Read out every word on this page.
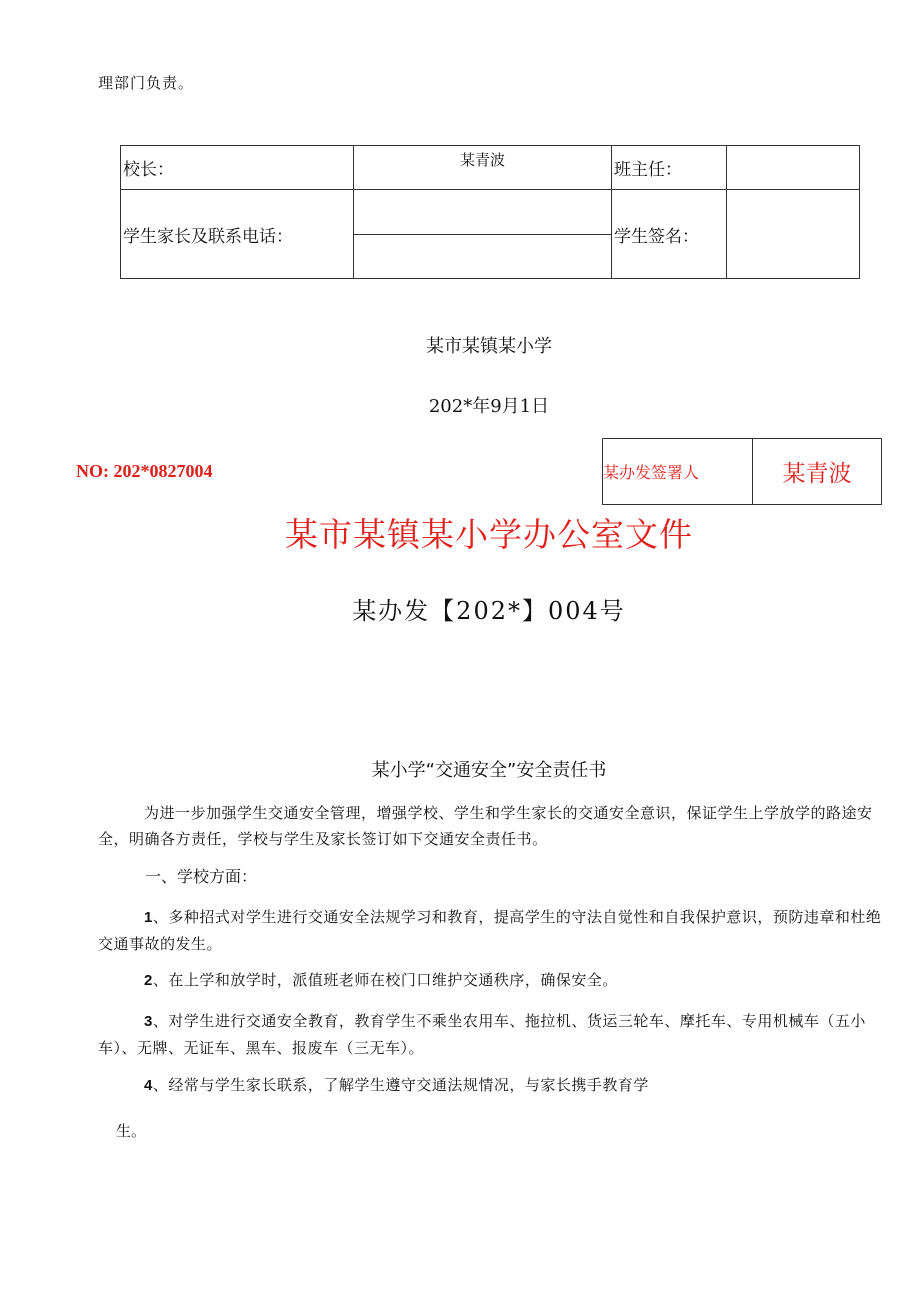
理部门负责。
校长：	某青波	班主任：	
学生家长及联系电话：		学生签名：	
某市某镇某小学
202*年9月1日
NO: 202*0827004	某办发签署人	某青波
某市某镇某小学办公室文件
某办发【202*】004号
某小学“交通安全”安全责任书
为进一步加强学生交通安全管理，增强学校、学生和学生家长的交通安全意识，保证学生上学放学的路途安全，明确各方责任，学校与学生及家长签订如下交通安全责任书。
一、学校方面：
1、多种招式对学生进行交通安全法规学习和教育，提高学生的守法自觉性和自我保护意识，预防违章和杜绝交通事故的发生。
2、在上学和放学时，派值班老师在校门口维护交通秩序，确保安全。
3、对学生进行交通安全教育，教育学生不乘坐农用车、拖拉机、货运三轮车、摩托车、专用机械车（五小车）、无牌、无证车、黑车、报废车（三无车）。
4、经常与学生家长联系，了解学生遵守交通法规情况，与家长携手教育学
生。
